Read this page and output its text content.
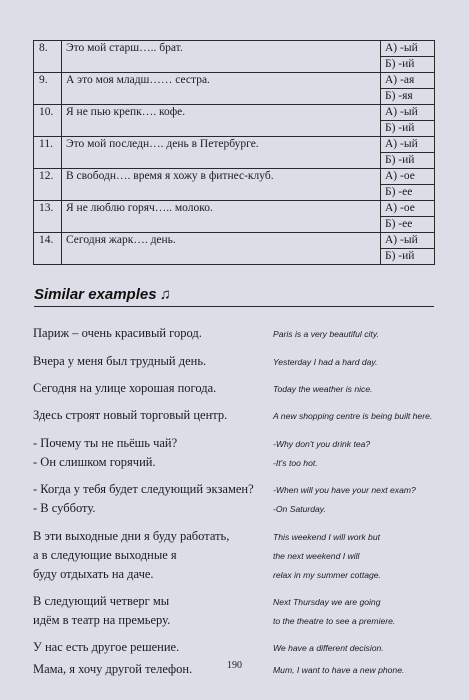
8.	Это мой старш….. брат.	А) -ый
		Б) -ий
9.	А это моя младш…… сестра.	А) -ая
		Б) -яя
10.	Я не пью крепк…. кофе.	А) -ый
		Б) -ий
11.	Это мой последн…. день в Петербурге.	А) -ый
		Б) -ий
12.	В свободн…. время я хожу в фитнес-клуб.	А) -ое
		Б) -ее
13.	Я не люблю горяч….. молоко.	А) -ое
		Б) -ее
14.	Сегодня жарк…. день.	А) -ый
		Б) -ий
Similar examples ♫
Париж – очень красивый город.	Paris is a very beautiful city.
Вчера у меня был трудный день.	Yesterday I had a hard day.
Сегодня на улице хорошая погода.	Today the weather is nice.
Здесь строят новый торговый центр.	A new shopping centre is being built here.
- Почему ты не пьёшь чай?	-Why don't you drink tea?
- Он слишком горячий.	-It's too hot.
- Когда у тебя будет следующий экзамен? -When will you have your next exam?
- В субботу.	-On Saturday.
В эти выходные дни я буду работать,	This weekend I will work but
а в следующие выходные я	the next weekend I will
буду отдыхать на даче.	relax in my summer cottage.
В следующий четверг мы	Next Thursday we are going
идём в театр на премьеру.	to the theatre to see a premiere.
У нас есть другое решение.	We have a different decision.
Мама, я хочу другой телефон.	Mum, I want to have a new phone.
190
